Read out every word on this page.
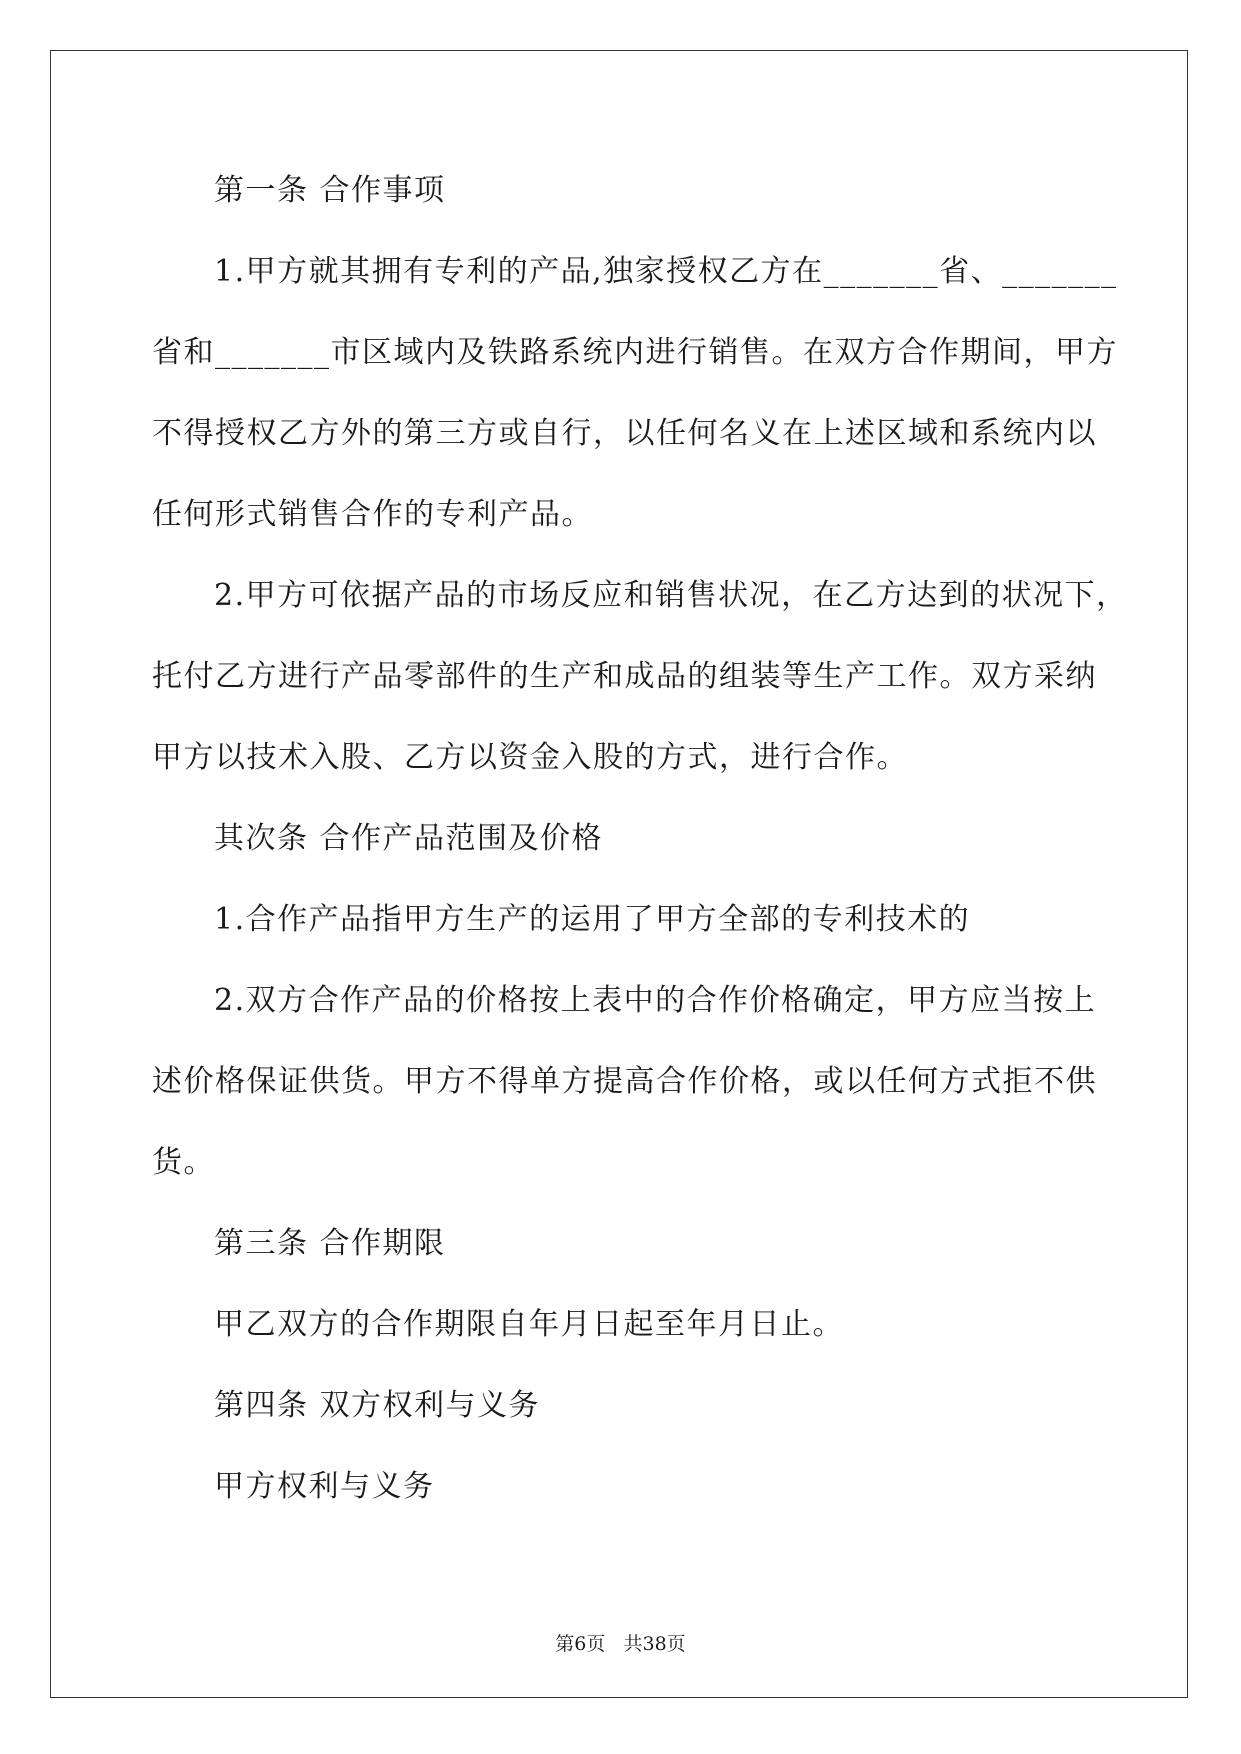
第一条 合作事项
1.甲方就其拥有专利的产品,独家授权乙方在_______省、_______
省和_______市区域内及铁路系统内进行销售。在双方合作期间，甲方
不得授权乙方外的第三方或自行，以任何名义在上述区域和系统内以
任何形式销售合作的专利产品。
2.甲方可依据产品的市场反应和销售状况，在乙方达到的状况下，
托付乙方进行产品零部件的生产和成品的组装等生产工作。双方采纳
甲方以技术入股、乙方以资金入股的方式，进行合作。
其次条 合作产品范围及价格
1.合作产品指甲方生产的运用了甲方全部的专利技术的
2.双方合作产品的价格按上表中的合作价格确定，甲方应当按上
述价格保证供货。甲方不得单方提高合作价格，或以任何方式拒不供
货。
第三条 合作期限
甲乙双方的合作期限自年月日起至年月日止。
第四条 双方权利与义务
甲方权利与义务
第6页   共38页
